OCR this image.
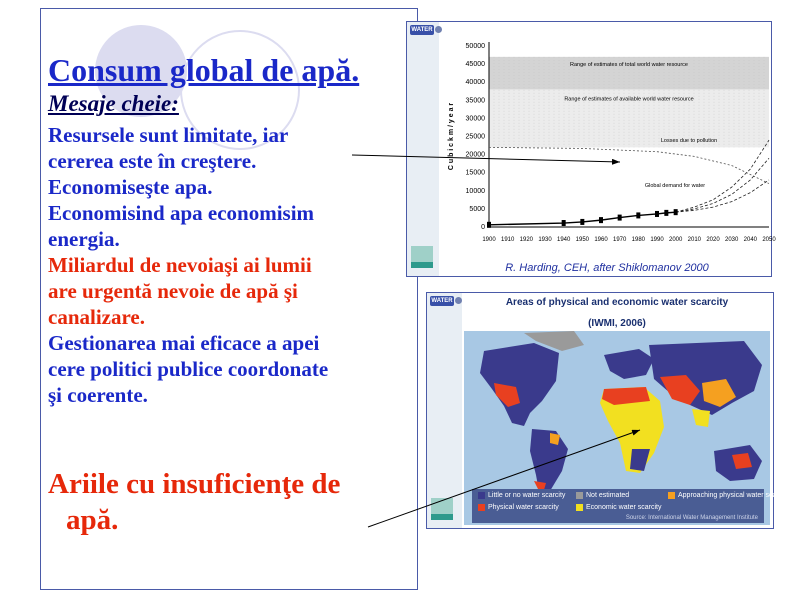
Consum global de apă.

Mesaje cheie:

Resursele sunt limitate, iar

cererea este în creştere.

Economiseşte apa.

Economisind apa economisim

energia.

Miliardul de nevoiaşi ai lumii

are urgentă nevoie de apă şi

canalizare.

Gestionarea mai eficace a apei

cere politici publice coordonate

şi coerente.

Ariile cu insuficienţe de
apă.
WATER
0
5000
10000
15000
20000
25000
30000
35000
40000
45000
50000
1900 1910 1920 1930 1940 1950 1960 1970 1980 1990 2000 2010 2020 2030 2040 2050
C u b i c k m / y e a r
Range of estimates of total world water resource
Range of estimates of available world water resource
Losses due to pollution
Global demand for water
R. Harding, CEH, after Shiklomanov 2000
WATER	Areas of physical and economic water scarcity
(IWMI, 2006)
Little or no water scarcity	Not estimated	Approaching physical water scarcity
Physical water scarcity	Economic water scarcity
Source: International Water Management Institute
